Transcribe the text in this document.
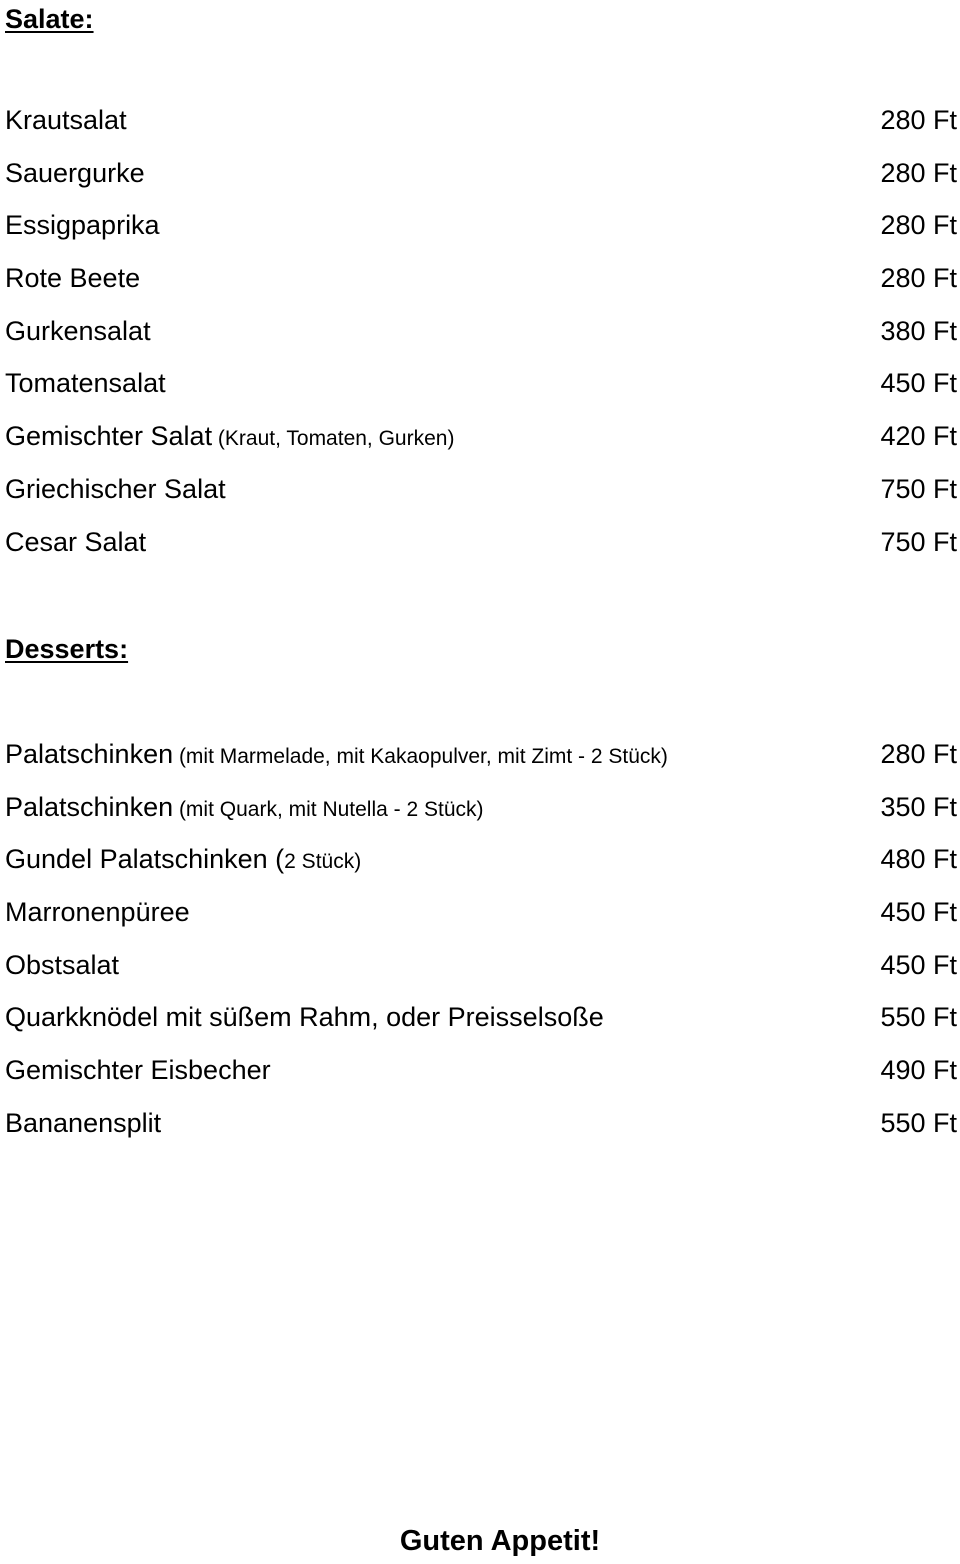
Salate:
Krautsalat	280 Ft
Sauergurke	280 Ft
Essigpaprika	280 Ft
Rote Beete	280 Ft
Gurkensalat	380 Ft
Tomatensalat	450 Ft
Gemischter Salat (Kraut, Tomaten, Gurken)	420 Ft
Griechischer Salat	750 Ft
Cesar Salat	750 Ft
Desserts:
Palatschinken (mit Marmelade, mit Kakaopulver, mit Zimt - 2 Stück)	280 Ft
Palatschinken (mit Quark, mit Nutella - 2 Stück)	350 Ft
Gundel Palatschinken (2 Stück)	480 Ft
Marronenpüree	450 Ft
Obstsalat	450 Ft
Quarkknödel mit süßem Rahm, oder Preisselsoße	550 Ft
Gemischter Eisbecher	490 Ft
Bananensplit	550 Ft

Guten Appetit!
